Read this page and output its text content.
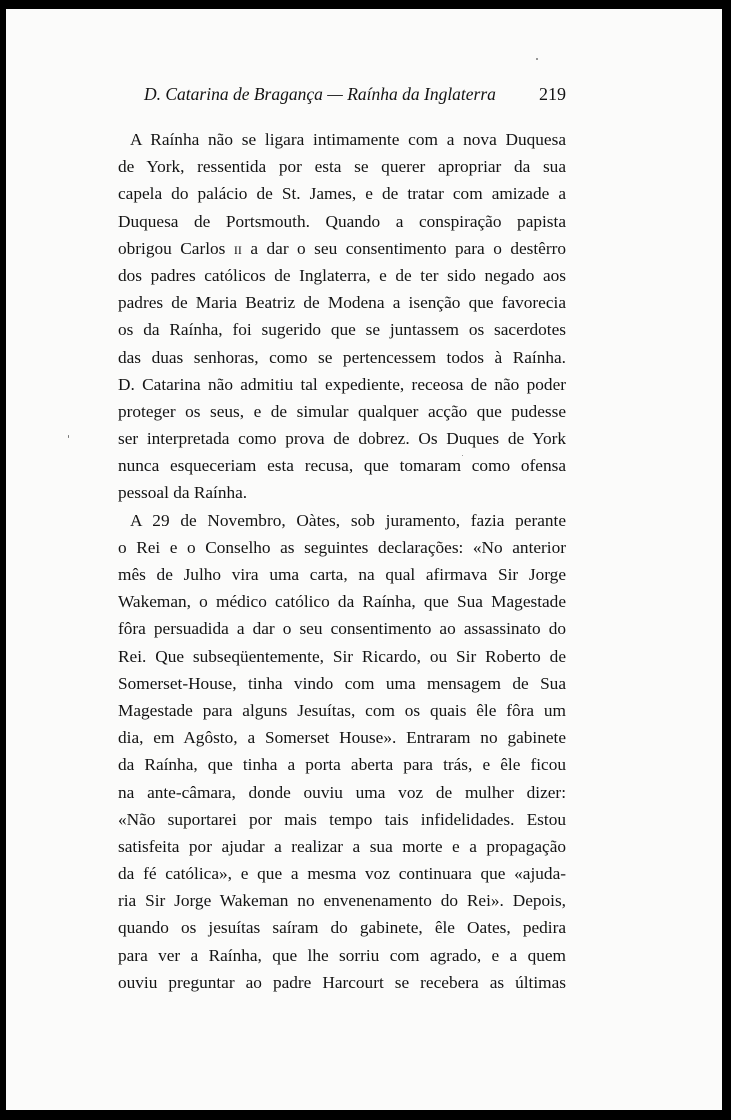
D. Catarina de Bragança — Raínha da Inglaterra 219
A Raínha não se ligara intimamente com a nova Duquesa
de York, ressentida por esta se querer apropriar da sua
capela do palácio de St. James, e de tratar com amizade a
Duquesa de Portsmouth. Quando a conspiração papista
obrigou Carlos ii a dar o seu consentimento para o destêrro
dos padres católicos de Inglaterra, e de ter sido negado aos
padres de Maria Beatriz de Modena a isenção que favorecia
os da Raínha, foi sugerido que se juntassem os sacerdotes
das duas senhoras, como se pertencessem todos à Raínha.
D. Catarina não admitiu tal expediente, receosa de não poder
proteger os seus, e de simular qualquer acção que pudesse
ser interpretada como prova de dobrez. Os Duques de York
nunca esqueceriam esta recusa, que tomaram como ofensa
pessoal da Raínha.
A 29 de Novembro, Oàtes, sob juramento, fazia perante
o Rei e o Conselho as seguintes declarações: «No anterior
mês de Julho vira uma carta, na qual afirmava Sir Jorge
Wakeman, o médico católico da Raínha, que Sua Magestade
fôra persuadida a dar o seu consentimento ao assassinato do
Rei. Que subseqüentemente, Sir Ricardo, ou Sir Roberto de
Somerset-House, tinha vindo com uma mensagem de Sua
Magestade para alguns Jesuítas, com os quais êle fôra um
dia, em Agôsto, a Somerset House». Entraram no gabinete
da Raínha, que tinha a porta aberta para trás, e êle ficou
na ante-câmara, donde ouviu uma voz de mulher dizer:
«Não suportarei por mais tempo tais infidelidades. Estou
satisfeita por ajudar a realizar a sua morte e a propagação
da fé católica», e que a mesma voz continuara que «ajuda-
ria Sir Jorge Wakeman no envenenamento do Rei». Depois,
quando os jesuítas saíram do gabinete, êle Oates, pedira
para ver a Raínha, que lhe sorriu com agrado, e a quem
ouviu preguntar ao padre Harcourt se recebera as últimas
